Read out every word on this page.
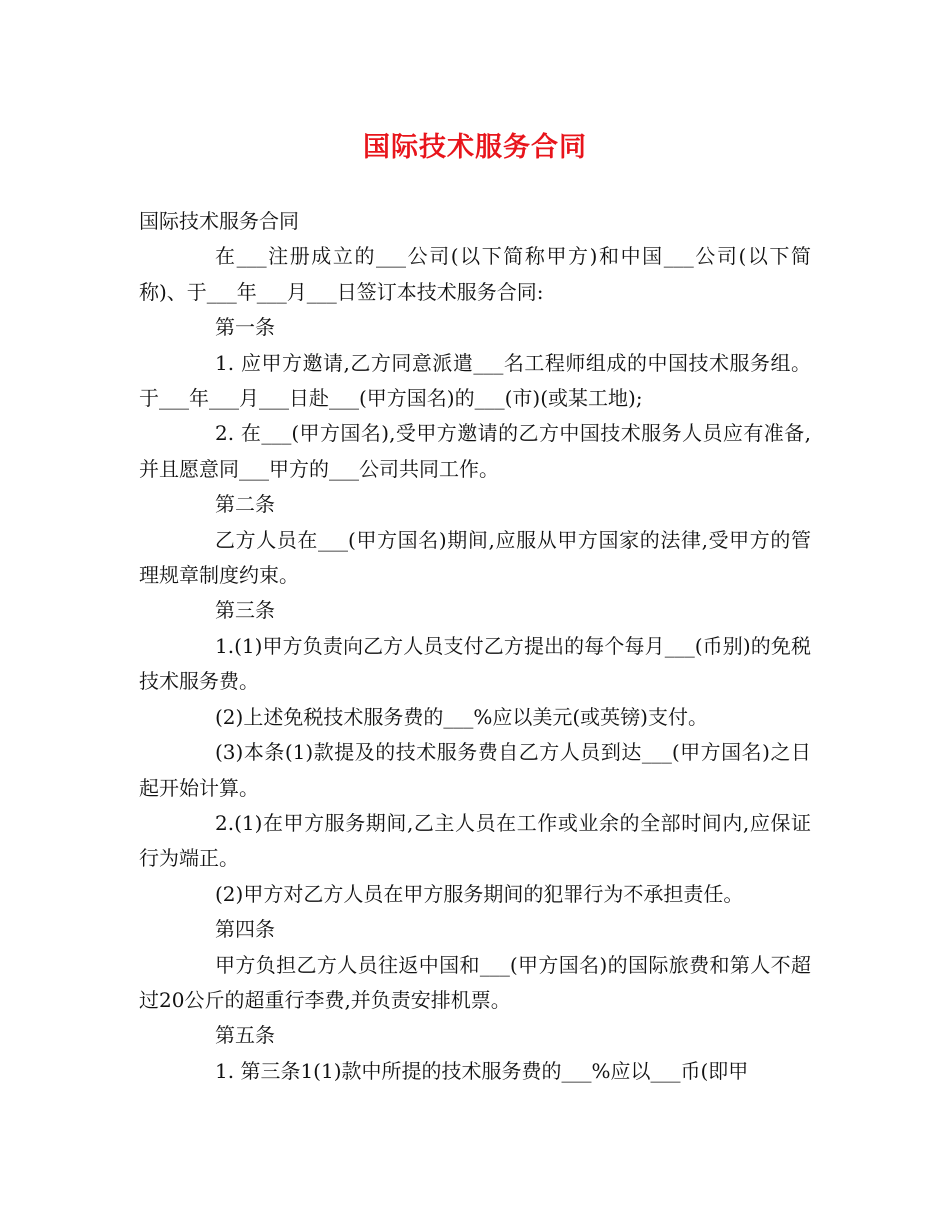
国际技术服务合同

国际技术服务合同

在___注册成立的___公司(以下简称甲方)和中国___公司(以下简称)、于___年___月___日签订本技术服务合同:

第一条

1. 应甲方邀请,乙方同意派遣___名工程师组成的中国技术服务组。于___年___月___日赴___(甲方国名)的___(市)(或某工地);

2. 在___(甲方国名),受甲方邀请的乙方中国技术服务人员应有准备,并且愿意同___甲方的___公司共同工作。

第二条

乙方人员在___(甲方国名)期间,应服从甲方国家的法律,受甲方的管理规章制度约束。

第三条

1.(1)甲方负责向乙方人员支付乙方提出的每个每月___(币别)的免税技术服务费。

(2)上述免税技术服务费的___%应以美元(或英镑)支付。

(3)本条(1)款提及的技术服务费自乙方人员到达___(甲方国名)之日起开始计算。

2.(1)在甲方服务期间,乙主人员在工作或业余的全部时间内,应保证行为端正。

(2)甲方对乙方人员在甲方服务期间的犯罪行为不承担责任。

第四条

甲方负担乙方人员往返中国和___(甲方国名)的国际旅费和第人不超过20公斤的超重行李费,并负责安排机票。

第五条

1. 第三条1(1)款中所提的技术服务费的___%应以___币(即甲
